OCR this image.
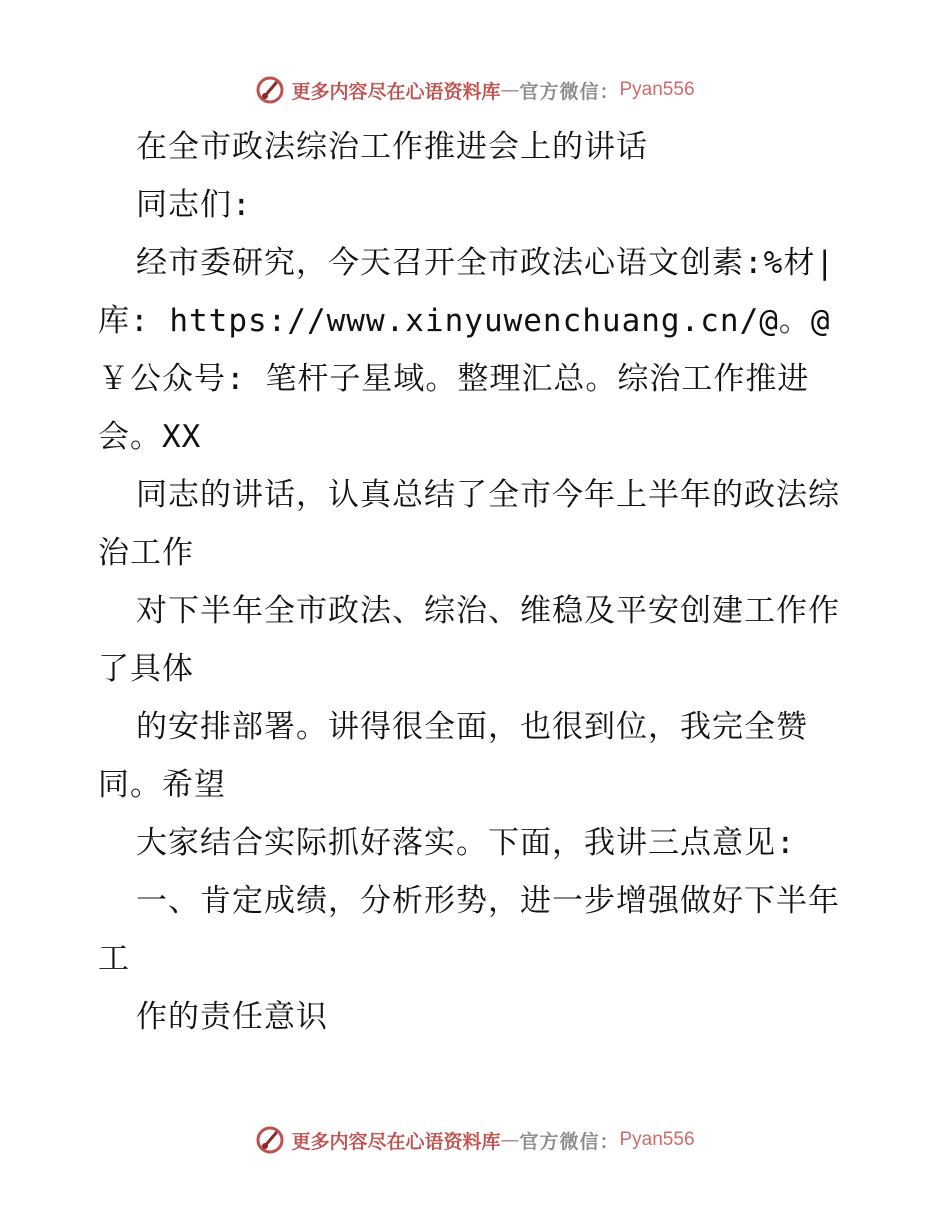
更多内容尽在心语资料库 — 官方微信： Pyan556

在全市政法综治工作推进会上的讲话

同志们:

经市委研究，今天召开全市政法心语文创素:%材|库: https://www.xinyuwenchuang.cn/@。@￥公众号: 笔杆子星域。整理汇总。综治工作推进会。XX

同志的讲话，认真总结了全市今年上半年的政法综治工作

对下半年全市政法、综治、维稳及平安创建工作作了具体

的安排部署。讲得很全面，也很到位，我完全赞同。希望

大家结合实际抓好落实。下面，我讲三点意见:

一、肯定成绩，分析形势，进一步增强做好下半年工

作的责任意识

更多内容尽在心语资料库 — 官方微信： Pyan556
